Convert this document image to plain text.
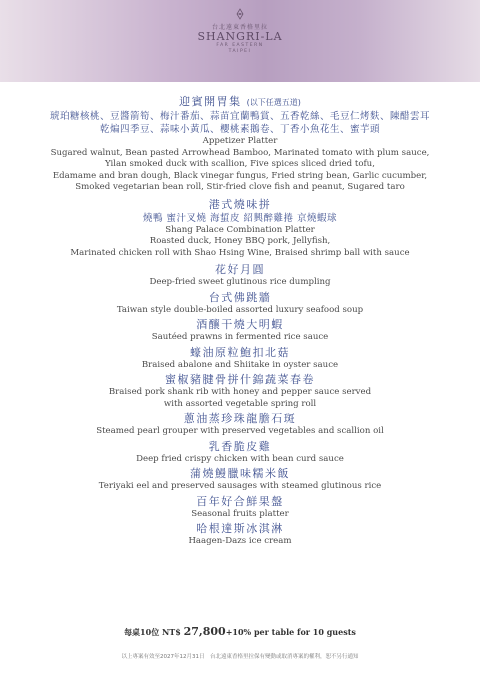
台北遠東香格里拉
SHANGRI-LA
FAR EASTERN
TAIPEI
迎賓開胃集 (以下任選五道)
琥珀糖核桃、豆醬箭筍、梅汁番茄、蒜苗宜蘭鴨賞、五香乾絲、毛豆仁烤麩、陳醋雲耳
乾煸四季豆、蒜味小黃瓜、櫻桃素鵝卷、丁香小魚花生、蜜芋頭
Appetizer Platter
Sugared walnut, Bean pasted Arrowhead Bamboo, Marinated tomato with plum sauce,
Yilan smoked duck with scallion, Five spices sliced dried tofu,
Edamame and bran dough, Black vinegar fungus, Fried string bean, Garlic cucumber,
Smoked vegetarian bean roll, Stir-fried clove fish and peanut, Sugared taro
港式燒味拼
燒鴨 蜜汁叉燒 海蜇皮 紹興醉雞捲 京燒蝦球
Shang Palace Combination Platter
Roasted duck, Honey BBQ pork, Jellyfish,
Marinated chicken roll with Shao Hsing Wine, Braised shrimp ball with sauce
花好月圓
Deep-fried sweet glutinous rice dumpling
台式佛跳牆
Taiwan style double-boiled assorted luxury seafood soup
酒釀干燒大明蝦
Sautéed prawns in fermented rice sauce
蠔油原粒鮑扣北菇
Braised abalone and Shiitake in oyster sauce
蜜椒豬腱骨拼什錦蔬菜春卷
Braised pork shank rib with honey and pepper sauce served
with assorted vegetable spring roll
蔥油蒸珍珠龍膽石斑
Steamed pearl grouper with preserved vegetables and scallion oil
乳香脆皮雞
Deep fried crispy chicken with bean curd sauce
蒲燒鰻臘味糯米飯
Teriyaki eel and preserved sausages with steamed glutinous rice
百年好合鮮果盤
Seasonal fruits platter
哈根達斯冰淇淋
Haagen-Dazs ice cream
每桌10位 NT$ 27,800+10% per table for 10 guests
以上專案有效至2027年12月31日　台北遠東香格里拉保有變動或取消專案的權利，恕不另行通知
